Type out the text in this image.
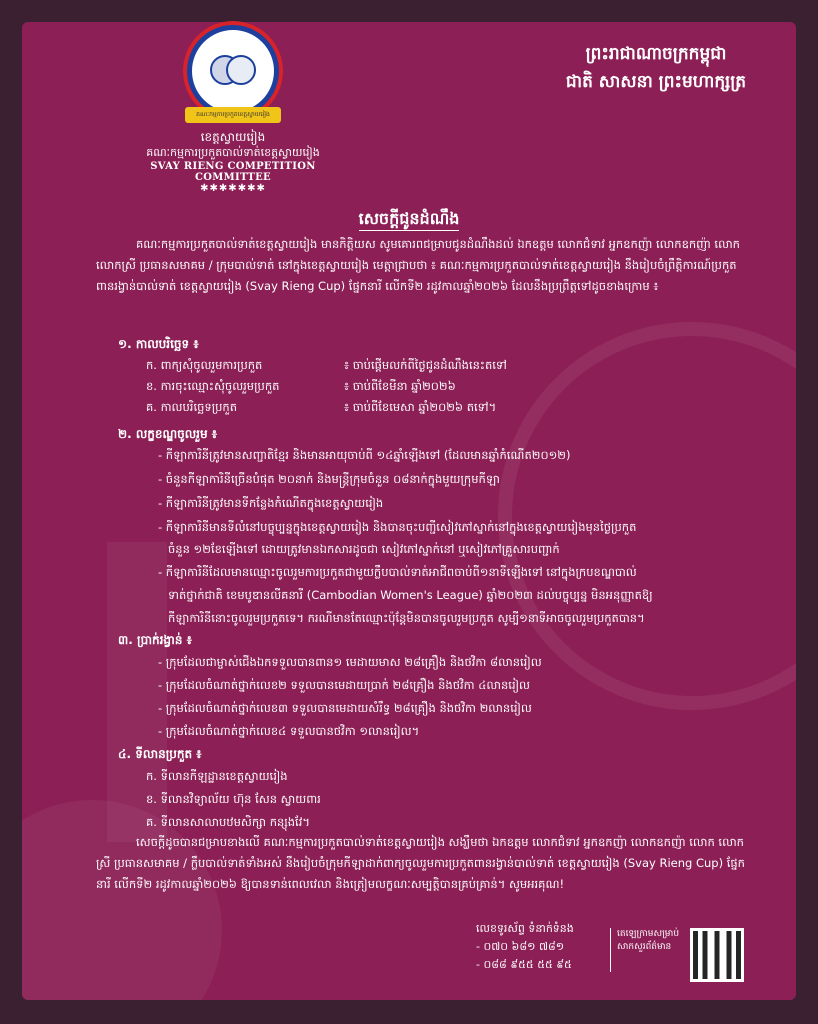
គណៈកម្មការប្រកួតខេត្តស្វាយរៀង
ខេត្តស្វាយរៀង
គណៈកម្មការប្រកួតបាល់ទាត់ខេត្តស្វាយរៀង
SVAY RIENG COMPETITION COMMITTEE
✱✱✱✱✱✱✱
ព្រះរាជាណាចក្រកម្ពុជា
ជាតិ សាសនា ព្រះមហាក្សត្រ
សេចក្ដីជូនដំណឹង
គណៈកម្មការប្រកួតបាល់ទាត់ខេត្តស្វាយរៀង មានកិត្តិយស សូមគោរពជម្រាបជូនដំណឹងដល់ ឯកឧត្តម លោកជំទាវ អ្នកឧកញ៉ា លោកឧកញ៉ា លោក លោកស្រី ប្រធានសមាគម / ក្រុមបាល់ទាត់ នៅក្នុងខេត្តស្វាយរៀង មេត្តាជ្រាបថា ៖ គណៈកម្មការប្រកួតបាល់ទាត់ខេត្តស្វាយរៀង នឹងរៀបចំព្រឹត្តិការណ៍ប្រកួត ពានរង្វាន់បាល់ទាត់ ខេត្តស្វាយរៀង (Svay Rieng Cup) ផ្នែកនារី លើកទី២ រដូវកាលឆ្នាំ២០២៦ ដែលនឹងប្រព្រឹត្តទៅដូចខាងក្រោម ៖
១. កាលបរិច្ឆេទ ៖
ក. ពាក្យសុំចូលរួមការប្រកួត	៖ ចាប់ផ្ដើមលក់ពីថ្ងៃជូនដំណឹងនេះតទៅ
ខ. ការចុះឈ្មោះសុំចូលរួមប្រកួត	៖ ចាប់ពីខែមីនា ឆ្នាំ២០២៦
គ. កាលបរិច្ឆេទប្រកួត	៖ ចាប់ពីខែមេសា ឆ្នាំ២០២៦ តទៅ។
២. លក្ខខណ្ឌចូលរួម ៖
- កីឡាការិនីត្រូវមានសញ្ជាតិខ្មែរ និងមានអាយុចាប់ពី ១៤ឆ្នាំឡើងទៅ (ដែលមានឆ្នាំកំណើត២០១២)
- ចំនួនកីឡាការិនីច្រើនបំផុត ២០នាក់ និងមន្ត្រីក្រុមចំនួន ០៨នាក់ក្នុងមួយក្រុមកីឡា
- កីឡាការិនីត្រូវមានទីកន្លែងកំណើតក្នុងខេត្តស្វាយរៀង
- កីឡាការិនីមានទីលំនៅបច្ចុប្បន្នក្នុងខេត្តស្វាយរៀង និងបានចុះបញ្ជីសៀវភៅស្នាក់នៅក្នុងខេត្តស្វាយរៀងមុនថ្ងៃប្រកួត
ចំនួន ១២ខែឡើងទៅ ដោយត្រូវមានឯកសារដូចជា សៀវភៅស្នាក់នៅ ឬសៀវភៅគ្រួសារបញ្ជាក់
- កីឡាការិនីដែលមានឈ្មោះចូលរួមការប្រកួតជាមួយក្លឹបបាល់ទាត់អាជីពចាប់ពី១នាទីឡើងទៅ នៅក្នុងក្របខណ្ឌបាល់
ទាត់ថ្នាក់ជាតិ ខេមបូឌានលីគនារី (Cambodian Women's League) ឆ្នាំ២០២៣ ដល់បច្ចុប្បន្ន មិនអនុញ្ញាតឱ្យ
កីឡាការិនីនោះចូលរួមប្រកួតទេ។ ករណីមានតែឈ្មោះប៉ុន្តែមិនបានចូលរួមប្រកួត សូម្បី១នាទីអាចចូលរួមប្រកួតបាន។
៣. ប្រាក់រង្វាន់ ៖
- ក្រុមដែលជាម្ចាស់ជើងឯកទទួលបានពាន១ មេដាយមាស ២៨គ្រឿង និងថវិកា ៨លានរៀល
- ក្រុមដែលចំណាត់ថ្នាក់លេខ២ ទទួលបានមេដាយប្រាក់ ២៨គ្រឿង និងថវិកា ៤លានរៀល
- ក្រុមដែលចំណាត់ថ្នាក់លេខ៣ ទទួលបានមេដាយសំរឹទ្ធ ២៨គ្រឿង និងថវិកា ២លានរៀល
- ក្រុមដែលចំណាត់ថ្នាក់លេខ៤ ទទួលបានថវិកា ១លានរៀល។
៤. ទីលានប្រកួត ៖
ក. ទីលានកីឡដ្ឋានខេត្តស្វាយរៀង
ខ. ទីលានវិទ្យាល័យ ហ៊ុន សែន ស្វាយពារ
គ. ទីលានសាលាបឋមសិក្សា កន្សុងវែ។
សេចក្ដីដូចបានជម្រាបខាងលើ គណៈកម្មការប្រកួតបាល់ទាត់ខេត្តស្វាយរៀង សង្ឃឹមថា ឯកឧត្តម លោកជំទាវ អ្នកឧកញ៉ា លោកឧកញ៉ា លោក លោកស្រី ប្រធានសមាគម / ក្លឹបបាល់ទាត់ទាំងអស់ នឹងរៀបចំក្រុមកីឡាដាក់ពាក្យចូលរួមការប្រកួតពានរង្វាន់បាល់ទាត់ ខេត្តស្វាយរៀង (Svay Rieng Cup) ផ្នែកនារី លើកទី២ រដូវកាលឆ្នាំ២០២៦ ឱ្យបានទាន់ពេលវេលា និងត្រៀមលក្ខណៈសម្បត្តិបានគ្រប់គ្រាន់។ សូមអរគុណ!
លេខទូរស័ព្ទ ទំនាក់ទំនង
- ០៧០ ៦៨១ ៧៨១
- ០៨៨ ៩៥៥ ៥៥ ៩៥
តេឡេក្រាមសម្រាប់សាកសួរព័ត៌មាន
